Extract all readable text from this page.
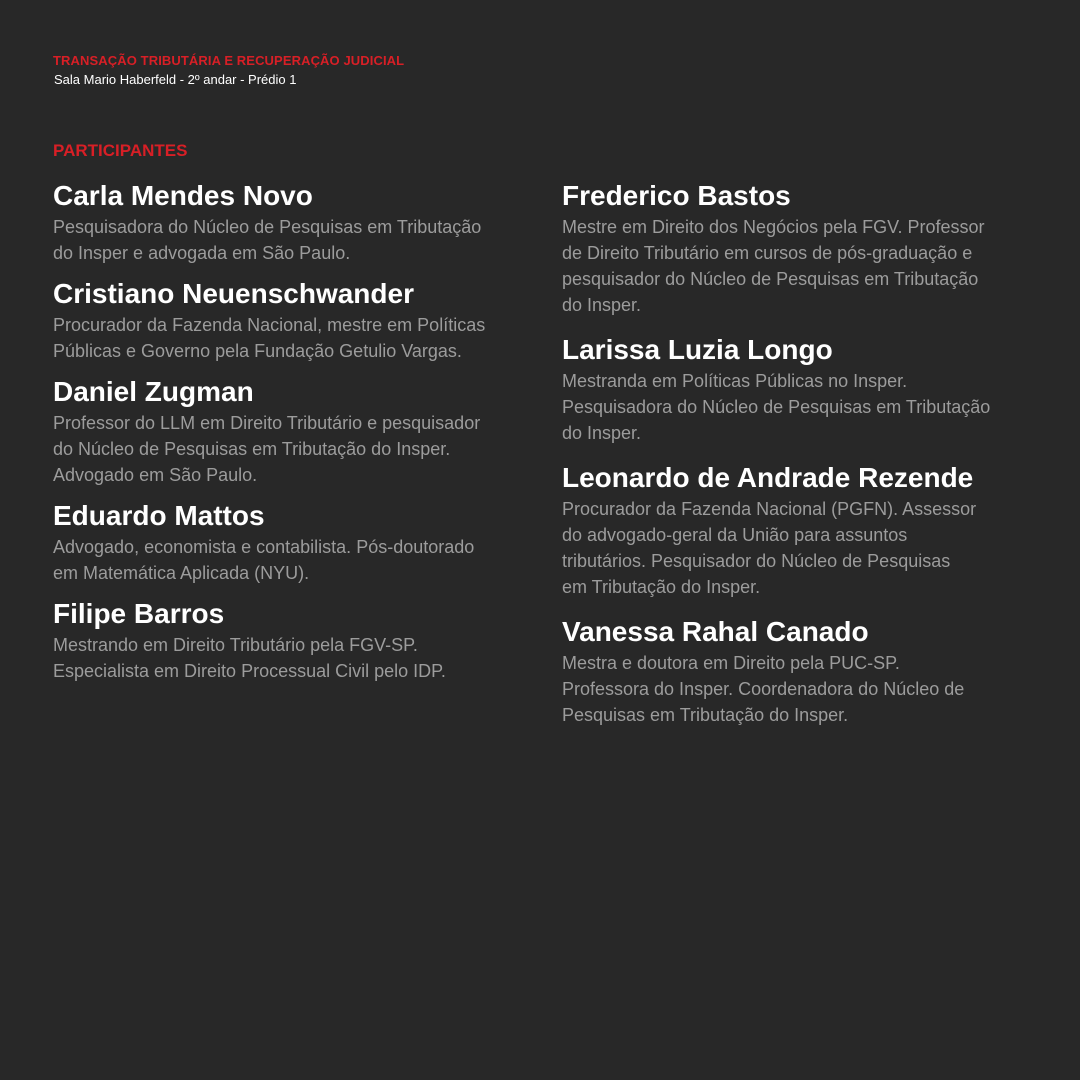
TRANSAÇÃO TRIBUTÁRIA E RECUPERAÇÃO JUDICIAL

Sala Mario Haberfeld - 2º andar - Prédio 1

PARTICIPANTES
Carla Mendes Novo
Pesquisadora do Núcleo de Pesquisas em Tributação
do Insper e advogada em São Paulo.
Cristiano Neuenschwander
Procurador da Fazenda Nacional, mestre em Políticas
Públicas e Governo pela Fundação Getulio Vargas.
Daniel Zugman
Professor do LLM em Direito Tributário e pesquisador
do Núcleo de Pesquisas em Tributação do Insper.
Advogado em São Paulo.
Eduardo Mattos
Advogado, economista e contabilista. Pós-doutorado
em Matemática Aplicada (NYU).
Filipe Barros
Mestrando em Direito Tributário pela FGV-SP.
Especialista em Direito Processual Civil pelo IDP.
Frederico Bastos
Mestre em Direito dos Negócios pela FGV. Professor
de Direito Tributário em cursos de pós-graduação e
pesquisador do Núcleo de Pesquisas em Tributação
do Insper.
Larissa Luzia Longo
Mestranda em Políticas Públicas no Insper.
Pesquisadora do Núcleo de Pesquisas em Tributação
do Insper.
Leonardo de Andrade Rezende
Procurador da Fazenda Nacional (PGFN). Assessor
do advogado-geral da União para assuntos
tributários. Pesquisador do Núcleo de Pesquisas
em Tributação do Insper.
Vanessa Rahal Canado
Mestra e doutora em Direito pela PUC-SP.
Professora do Insper. Coordenadora do Núcleo de
Pesquisas em Tributação do Insper.
